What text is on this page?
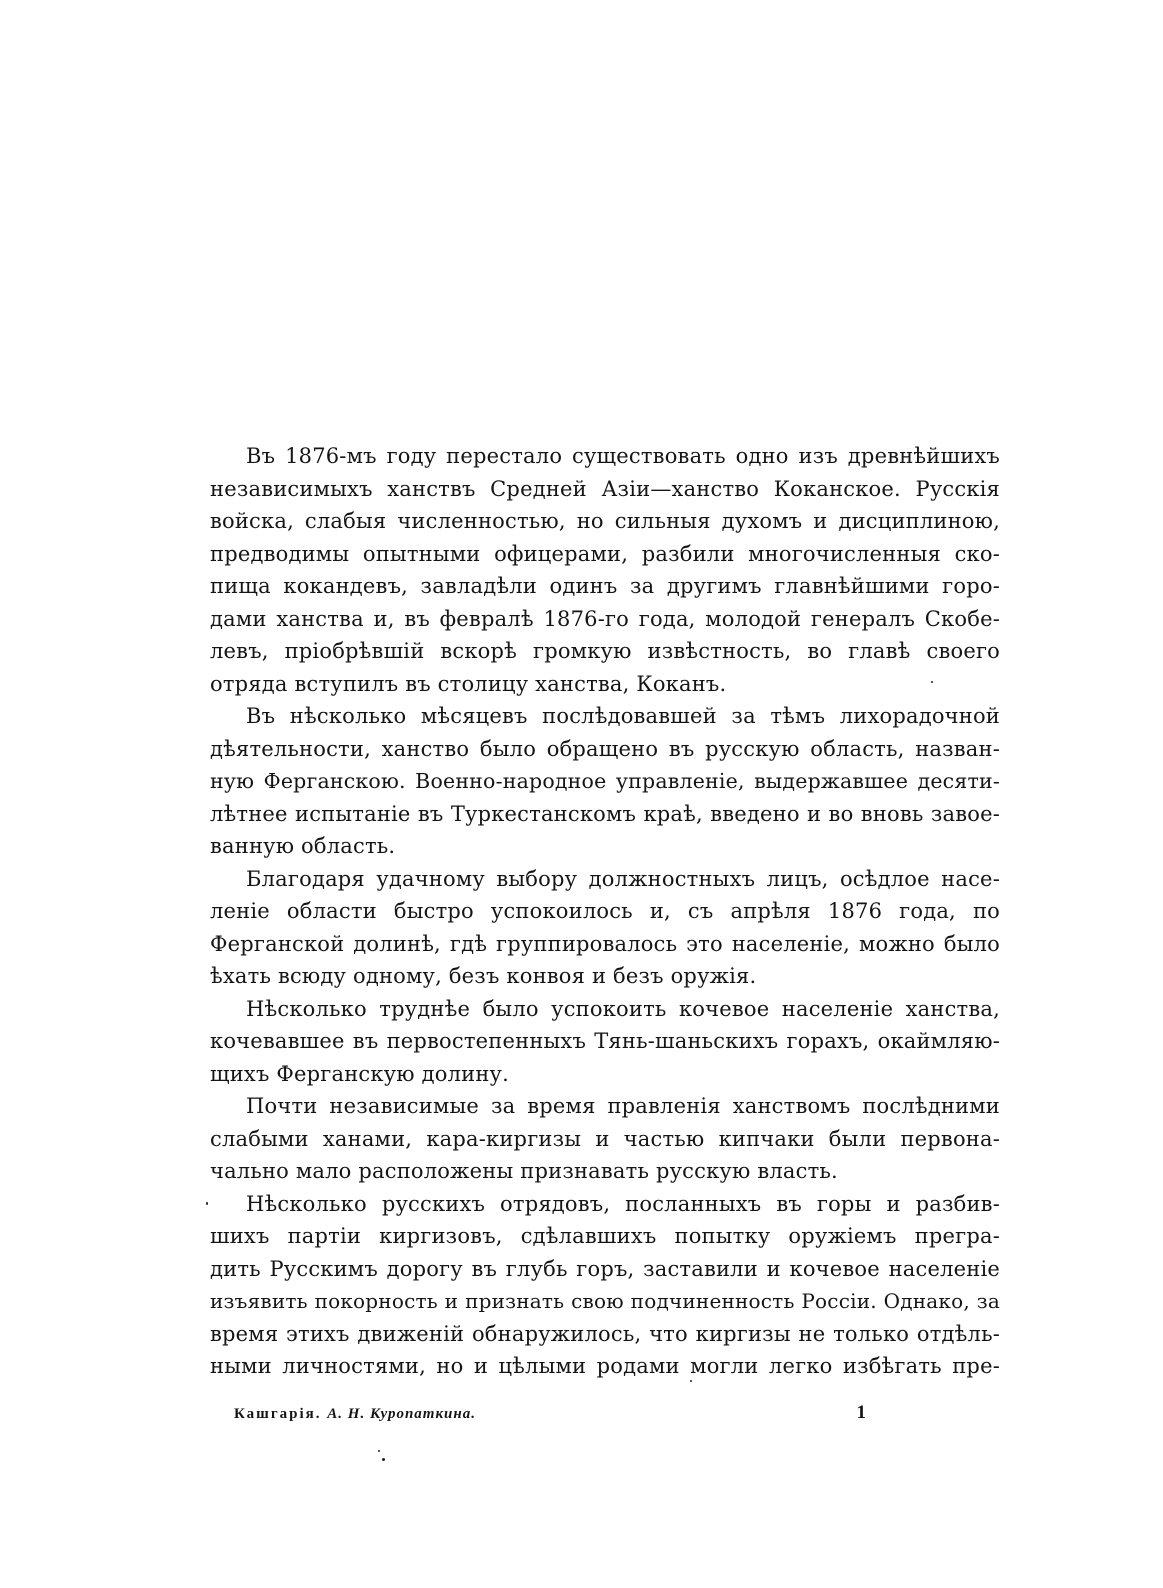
Въ 1876-мъ году перестало существовать одно изъ древнѣйшихъ
независимыхъ ханствъ Средней Азіи—ханство Коканское. Русскія
войска, слабыя численностью, но сильныя духомъ и дисциплиною,
предводимы опытными офицерами, разбили многочисленныя ско-
пища кокандевъ, завладѣли одинъ за другимъ главнѣйшими горо-
дами ханства и, въ февралѣ 1876-го года, молодой генералъ Скобе-
левъ, пріобрѣвшій вскорѣ громкую извѣстность, во главѣ своего
отряда вступилъ въ столицу ханства, Коканъ.
Въ нѣсколько мѣсяцевъ послѣдовавшей за тѣмъ лихорадочной
дѣятельности, ханство было обращено въ русскую область, назван-
ную Ферганскою. Военно-народное управленіе, выдержавшее десяти-
лѣтнее испытаніе въ Туркестанскомъ краѣ, введено и во вновь завое-
ванную область.
Благодаря удачному выбору должностныхъ лицъ, осѣдлое насе-
леніе области быстро успокоилось и, съ апрѣля 1876 года, по
Ферганской долинѣ, гдѣ группировалось это населеніе, можно было
ѣхать всюду одному, безъ конвоя и безъ оружія.
Нѣсколько труднѣе было успокоить кочевое населеніе ханства,
кочевавшее въ первостепенныхъ Тянь-шаньскихъ горахъ, окаймляю-
щихъ Ферганскую долину.
Почти независимые за время правленія ханствомъ послѣдними
слабыми ханами, кара-киргизы и частью кипчаки были первона-
чально мало расположены признавать русскую власть.
Нѣсколько русскихъ отрядовъ, посланныхъ въ горы и разбив-
шихъ партіи киргизовъ, сдѣлавшихъ попытку оружіемъ прегра-
дить Русскимъ дорогу въ глубь горъ, заставили и кочевое населеніе
изъявить покорность и признать свою подчиненность Россіи. Однако, за
время этихъ движеній обнаружилось, что киргизы не только отдѣль-
ными личностями, но и цѣлыми родами могли легко избѣгать пре-
Кашгарія. А. Н. Куропаткина.	1
